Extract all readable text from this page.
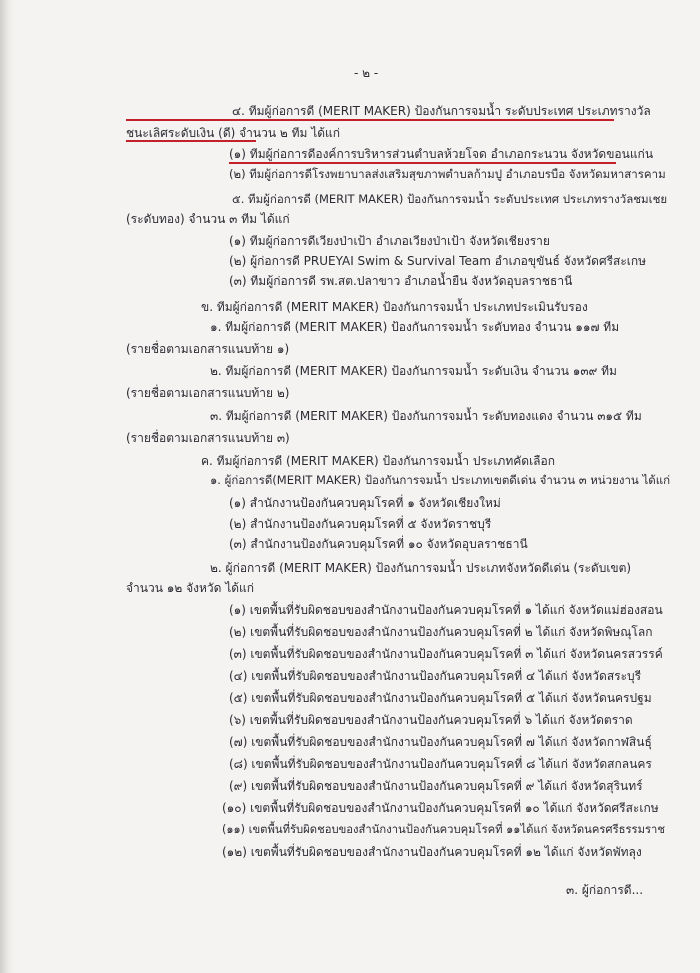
- ๒ -
๔. ทีมผู้ก่อการดี (MERIT MAKER) ป้องกันการจมน้ำ ระดับประเทศ ประเภทรางวัล
ชนะเลิศระดับเงิน (ดี) จำนวน ๒ ทีม ได้แก่
(๑) ทีมผู้ก่อการดีองค์การบริหารส่วนตำบลห้วยโจด อำเภอกระนวน จังหวัดขอนแก่น
(๒) ทีมผู้ก่อการดีโรงพยาบาลส่งเสริมสุขภาพตำบลก้ามปู อำเภอบรบือ จังหวัดมหาสารคาม
๕. ทีมผู้ก่อการดี (MERIT MAKER) ป้องกันการจมน้ำ ระดับประเทศ ประเภทรางวัลชมเชย
(ระดับทอง) จำนวน ๓ ทีม ได้แก่
(๑) ทีมผู้ก่อการดีเวียงป่าเป้า อำเภอเวียงป่าเป้า จังหวัดเชียงราย
(๒) ผู้ก่อการดี PRUEYAI Swim & Survival Team อำเภอขุขันธ์ จังหวัดศรีสะเกษ
(๓) ทีมผู้ก่อการดี รพ.สต.ปลาขาว อำเภอน้ำยืน จังหวัดอุบลราชธานี
ข. ทีมผู้ก่อการดี (MERIT MAKER) ป้องกันการจมน้ำ ประเภทประเมินรับรอง
๑. ทีมผู้ก่อการดี (MERIT MAKER) ป้องกันการจมน้ำ ระดับทอง จำนวน ๑๑๗ ทีม
(รายชื่อตามเอกสารแนบท้าย ๑)
๒. ทีมผู้ก่อการดี (MERIT MAKER) ป้องกันการจมน้ำ ระดับเงิน จำนวน ๑๓๙ ทีม
(รายชื่อตามเอกสารแนบท้าย ๒)
๓. ทีมผู้ก่อการดี (MERIT MAKER) ป้องกันการจมน้ำ ระดับทองแดง จำนวน ๓๑๕ ทีม
(รายชื่อตามเอกสารแนบท้าย ๓)
ค. ทีมผู้ก่อการดี (MERIT MAKER) ป้องกันการจมน้ำ ประเภทคัดเลือก
๑. ผู้ก่อการดี(MERIT MAKER) ป้องกันการจมน้ำ ประเภทเขตดีเด่น จำนวน ๓ หน่วยงาน ได้แก่
(๑) สำนักงานป้องกันควบคุมโรคที่ ๑ จังหวัดเชียงใหม่
(๒) สำนักงานป้องกันควบคุมโรคที่ ๕ จังหวัดราชบุรี
(๓) สำนักงานป้องกันควบคุมโรคที่ ๑๐ จังหวัดอุบลราชธานี
๒. ผู้ก่อการดี (MERIT MAKER) ป้องกันการจมน้ำ ประเภทจังหวัดดีเด่น (ระดับเขต)
จำนวน ๑๒ จังหวัด ได้แก่
(๑) เขตพื้นที่รับผิดชอบของสำนักงานป้องกันควบคุมโรคที่ ๑ ได้แก่ จังหวัดแม่ฮ่องสอน
(๒) เขตพื้นที่รับผิดชอบของสำนักงานป้องกันควบคุมโรคที่ ๒ ได้แก่ จังหวัดพิษณุโลก
(๓) เขตพื้นที่รับผิดชอบของสำนักงานป้องกันควบคุมโรคที่ ๓ ได้แก่ จังหวัดนครสวรรค์
(๔) เขตพื้นที่รับผิดชอบของสำนักงานป้องกันควบคุมโรคที่ ๔ ได้แก่ จังหวัดสระบุรี
(๕) เขตพื้นที่รับผิดชอบของสำนักงานป้องกันควบคุมโรคที่ ๕ ได้แก่ จังหวัดนครปฐม
(๖) เขตพื้นที่รับผิดชอบของสำนักงานป้องกันควบคุมโรคที่ ๖ ได้แก่ จังหวัดตราด
(๗) เขตพื้นที่รับผิดชอบของสำนักงานป้องกันควบคุมโรคที่ ๗ ได้แก่ จังหวัดกาฬสินธุ์
(๘) เขตพื้นที่รับผิดชอบของสำนักงานป้องกันควบคุมโรคที่ ๘ ได้แก่ จังหวัดสกลนคร
(๙) เขตพื้นที่รับผิดชอบของสำนักงานป้องกันควบคุมโรคที่ ๙ ได้แก่ จังหวัดสุรินทร์
(๑๐) เขตพื้นที่รับผิดชอบของสำนักงานป้องกันควบคุมโรคที่ ๑๐ ได้แก่ จังหวัดศรีสะเกษ
(๑๑) เขตพื้นที่รับผิดชอบของสำนักงานป้องกันควบคุมโรคที่ ๑๑ได้แก่ จังหวัดนครศรีธรรมราช
(๑๒) เขตพื้นที่รับผิดชอบของสำนักงานป้องกันควบคุมโรคที่ ๑๒ ได้แก่ จังหวัดพัทลุง
๓. ผู้ก่อการดี...
